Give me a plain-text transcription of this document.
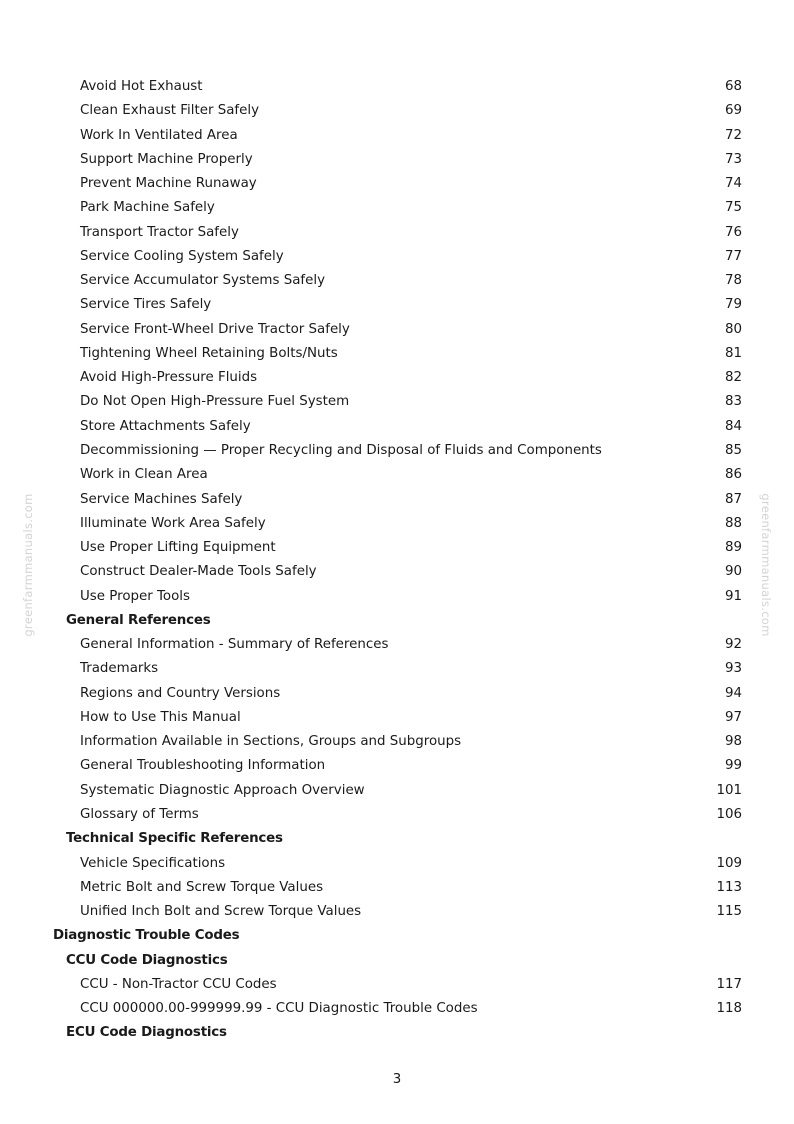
Avoid Hot Exhaust	68
Clean Exhaust Filter Safely	69
Work In Ventilated Area	72
Support Machine Properly	73
Prevent Machine Runaway	74
Park Machine Safely	75
Transport Tractor Safely	76
Service Cooling System Safely	77
Service Accumulator Systems Safely	78
Service Tires Safely	79
Service Front-Wheel Drive Tractor Safely	80
Tightening Wheel Retaining Bolts/Nuts	81
Avoid High-Pressure Fluids	82
Do Not Open High-Pressure Fuel System	83
Store Attachments Safely	84
Decommissioning — Proper Recycling and Disposal of Fluids and Components	85
Work in Clean Area	86
Service Machines Safely	87
Illuminate Work Area Safely	88
Use Proper Lifting Equipment	89
Construct Dealer-Made Tools Safely	90
Use Proper Tools	91
General References
General Information - Summary of References	92
Trademarks	93
Regions and Country Versions	94
How to Use This Manual	97
Information Available in Sections, Groups and Subgroups	98
General Troubleshooting Information	99
Systematic Diagnostic Approach Overview	101
Glossary of Terms	106
Technical Specific References
Vehicle Specifications	109
Metric Bolt and Screw Torque Values	113
Unified Inch Bolt and Screw Torque Values	115
Diagnostic Trouble Codes
CCU Code Diagnostics
CCU - Non-Tractor CCU Codes	117
CCU 000000.00-999999.99 - CCU Diagnostic Trouble Codes	118
ECU Code Diagnostics
greenfarmmanuals.com	greenfarmmanuals.com
3
